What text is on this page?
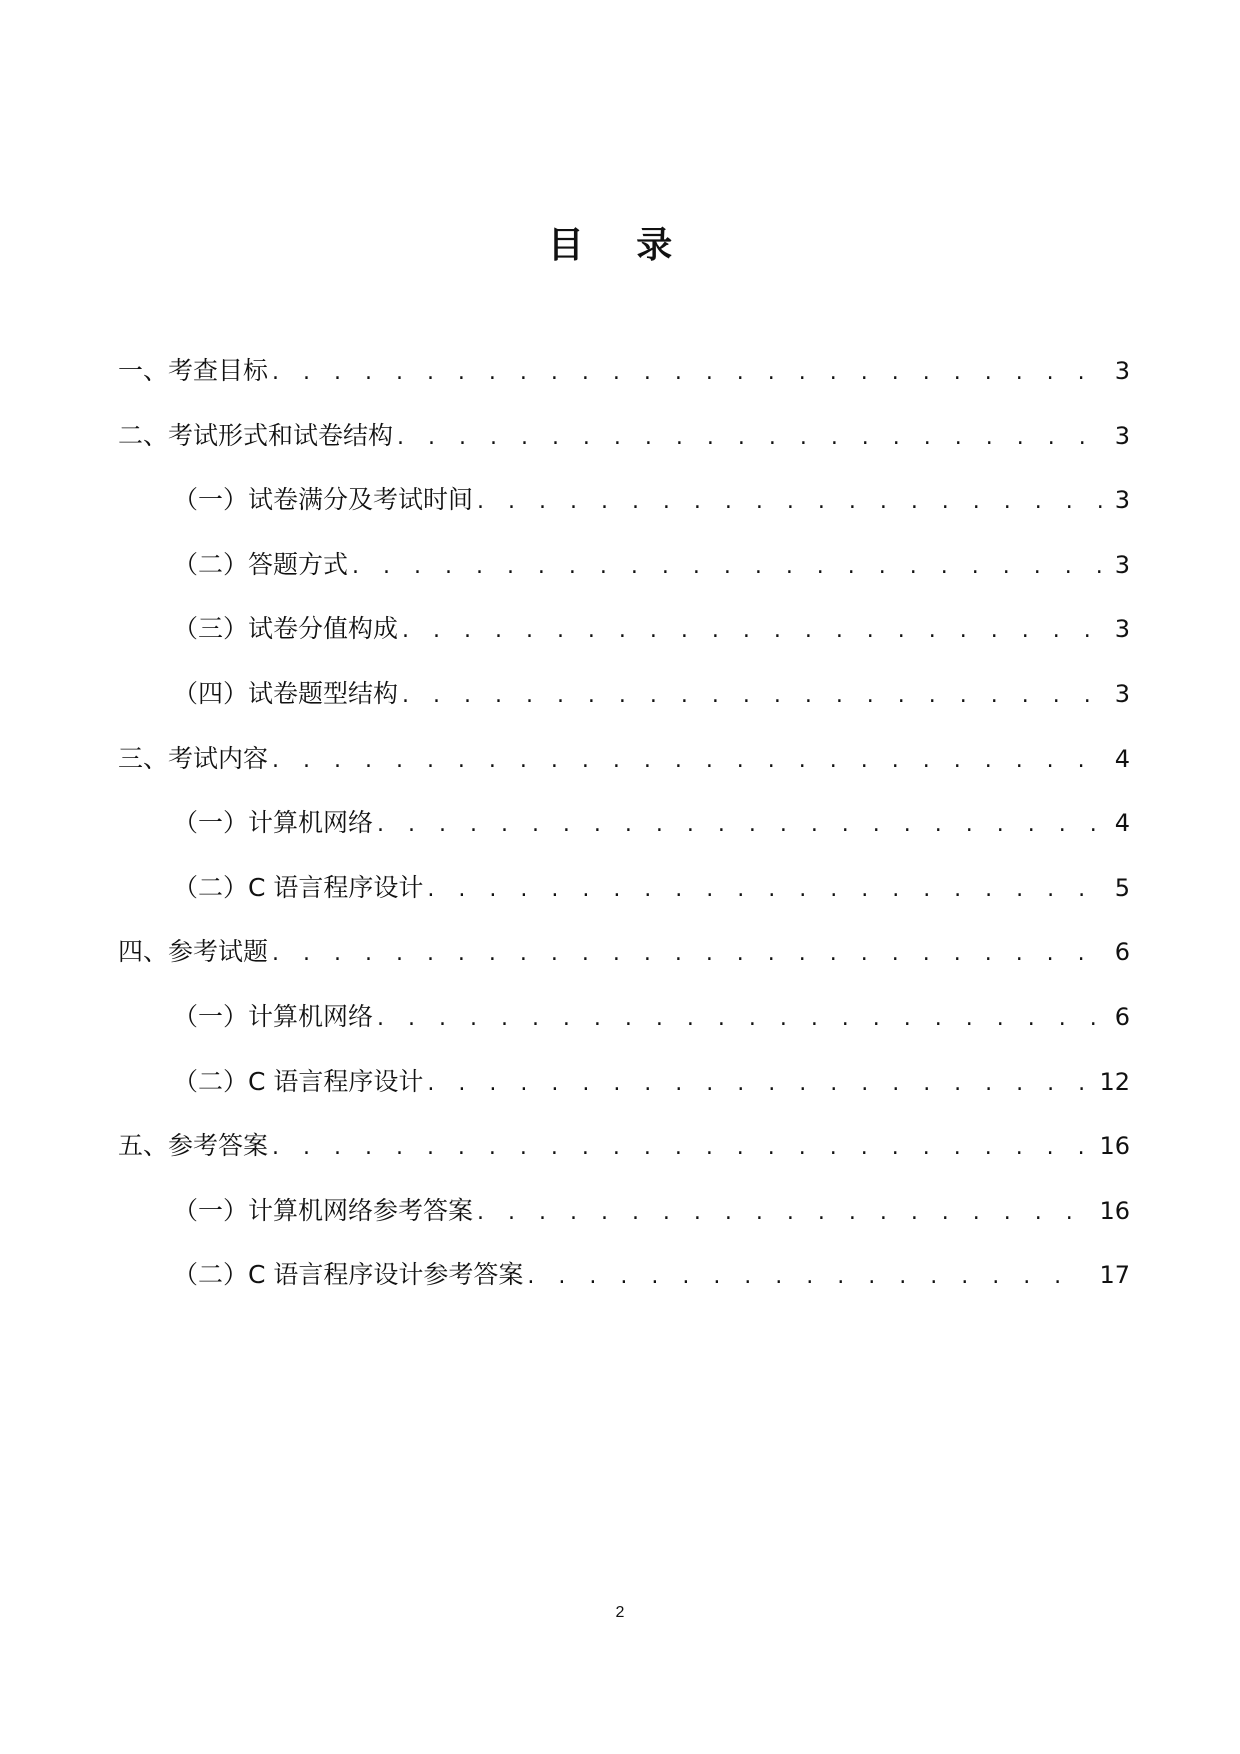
目 录
一、考查目标 . . .	3
二、考试形式和试卷结构 . . .	3
（一）试卷满分及考试时间 . . .	3
（二）答题方式 . . .	3
（三）试卷分值构成 . . .	3
（四）试卷题型结构 . . .	3
三、考试内容 . . .	4
（一）计算机网络 . . .	4
（二）C 语言程序设计 . . .	5
四、参考试题 . . .	6
（一）计算机网络 . . .	6
（二）C 语言程序设计 . . .	12
五、参考答案 . . .	16
（一）计算机网络参考答案 . . .	16
（二）C 语言程序设计参考答案 . . .	17
2
